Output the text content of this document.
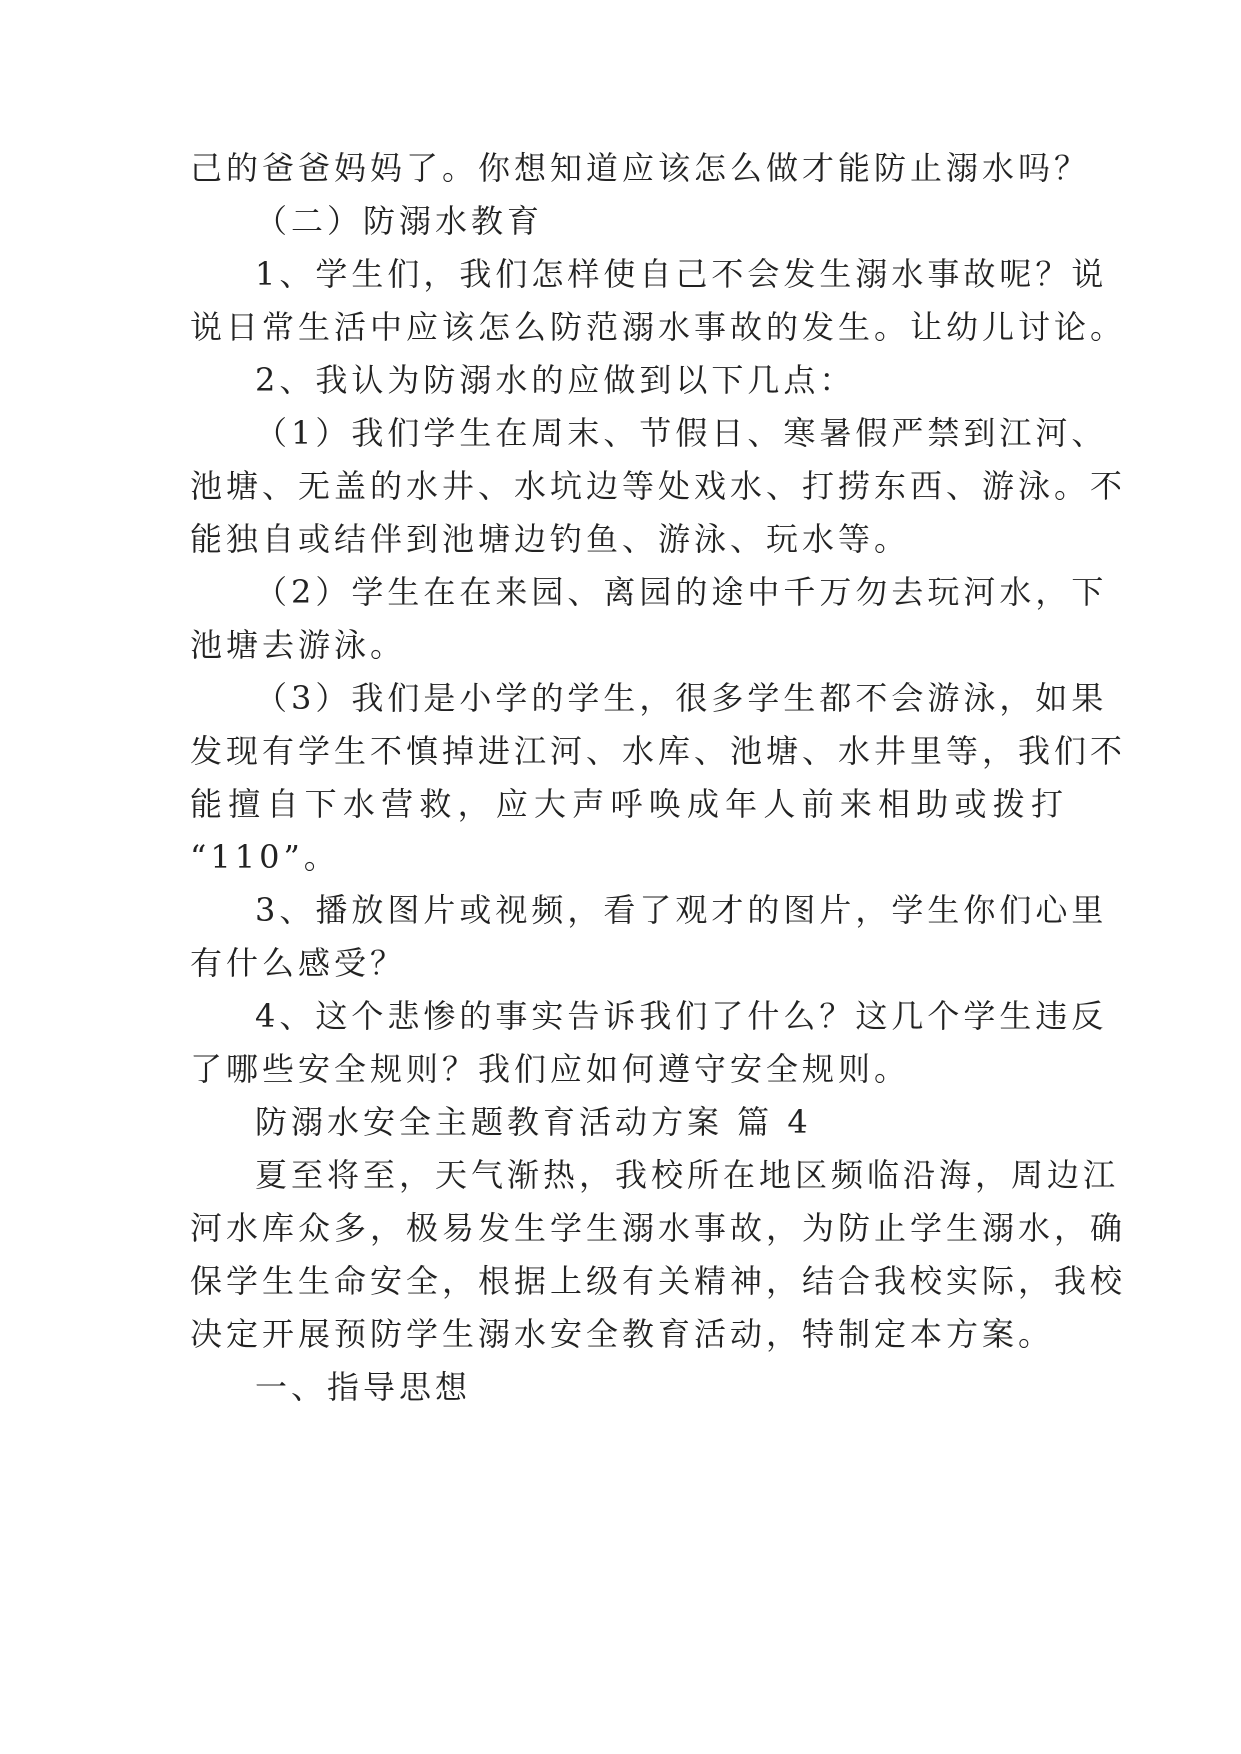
己的爸爸妈妈了。你想知道应该怎么做才能防止溺水吗？
（二）防溺水教育
1、学生们，我们怎样使自己不会发生溺水事故呢？说
说日常生活中应该怎么防范溺水事故的发生。让幼儿讨论。
2、我认为防溺水的应做到以下几点：
（1）我们学生在周末、节假日、寒暑假严禁到江河、
池塘、无盖的水井、水坑边等处戏水、打捞东西、游泳。不
能独自或结伴到池塘边钓鱼、游泳、玩水等。
（2）学生在在来园、离园的途中千万勿去玩河水，下
池塘去游泳。
（3）我们是小学的学生，很多学生都不会游泳，如果
发现有学生不慎掉进江河、水库、池塘、水井里等，我们不
能擅自下水营救，应大声呼唤成年人前来相助或拨打
“110”。
3、播放图片或视频，看了观才的图片，学生你们心里
有什么感受？
4、这个悲惨的事实告诉我们了什么？这几个学生违反
了哪些安全规则？我们应如何遵守安全规则。
防溺水安全主题教育活动方案 篇 4
夏至将至，天气渐热，我校所在地区频临沿海，周边江
河水库众多，极易发生学生溺水事故，为防止学生溺水，确
保学生生命安全，根据上级有关精神，结合我校实际，我校
决定开展预防学生溺水安全教育活动，特制定本方案。
一、指导思想
